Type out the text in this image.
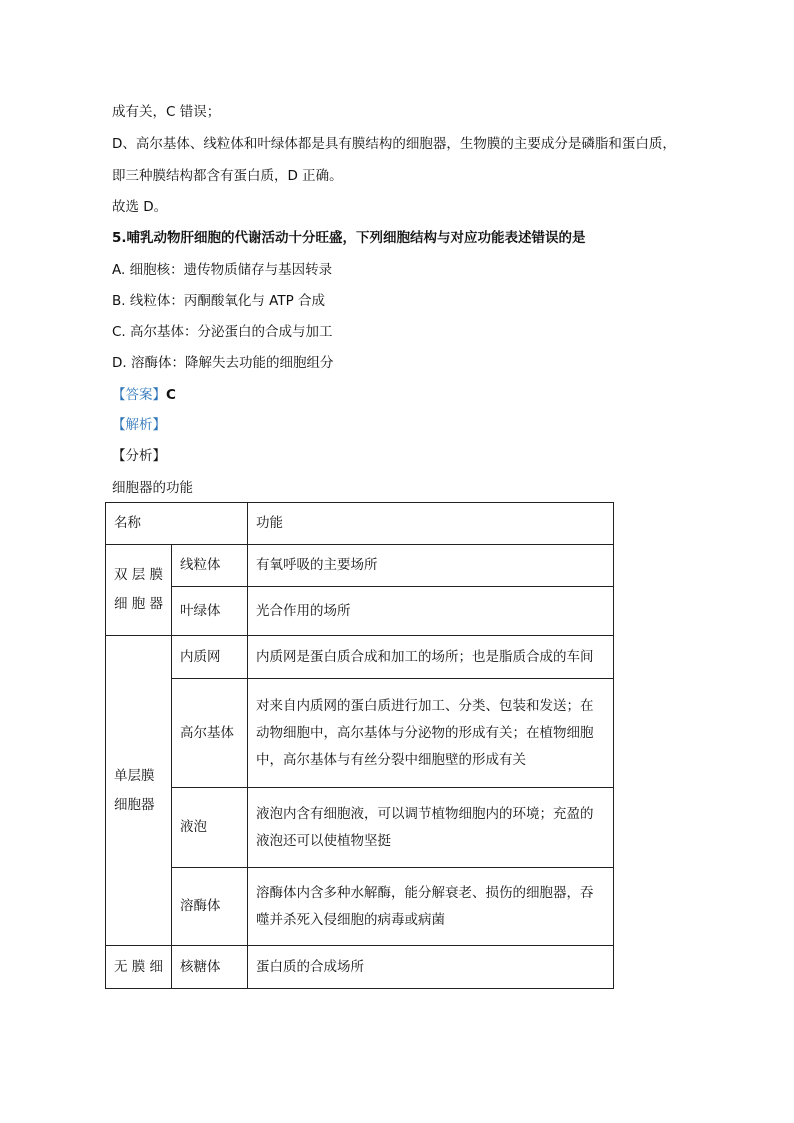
成有关，C 错误；
D、高尔基体、线粒体和叶绿体都是具有膜结构的细胞器，生物膜的主要成分是磷脂和蛋白质，
即三种膜结构都含有蛋白质，D 正确。
故选 D。
5.哺乳动物肝细胞的代谢活动十分旺盛，下列细胞结构与对应功能表述错误的是
A. 细胞核：遗传物质储存与基因转录
B. 线粒体：丙酮酸氧化与 ATP 合成
C. 高尔基体：分泌蛋白的合成与加工
D. 溶酶体：降解失去功能的细胞组分
【答案】C
【解析】
【分析】
细胞器的功能
名称		功能
双层膜细胞器	线粒体	有氧呼吸的主要场所
	叶绿体	光合作用的场所
单层膜细胞器	内质网	内质网是蛋白质合成和加工的场所；也是脂质合成的车间
	高尔基体	对来自内质网的蛋白质进行加工、分类、包装和发送；在动物细胞中，高尔基体与分泌物的形成有关；在植物细胞中，高尔基体与有丝分裂中细胞壁的形成有关
	液泡	液泡内含有细胞液，可以调节植物细胞内的环境；充盈的液泡还可以使植物坚挺
	溶酶体	溶酶体内含多种水解酶，能分解衰老、损伤的细胞器，吞噬并杀死入侵细胞的病毒或病菌
无膜细	核糖体	蛋白质的合成场所
